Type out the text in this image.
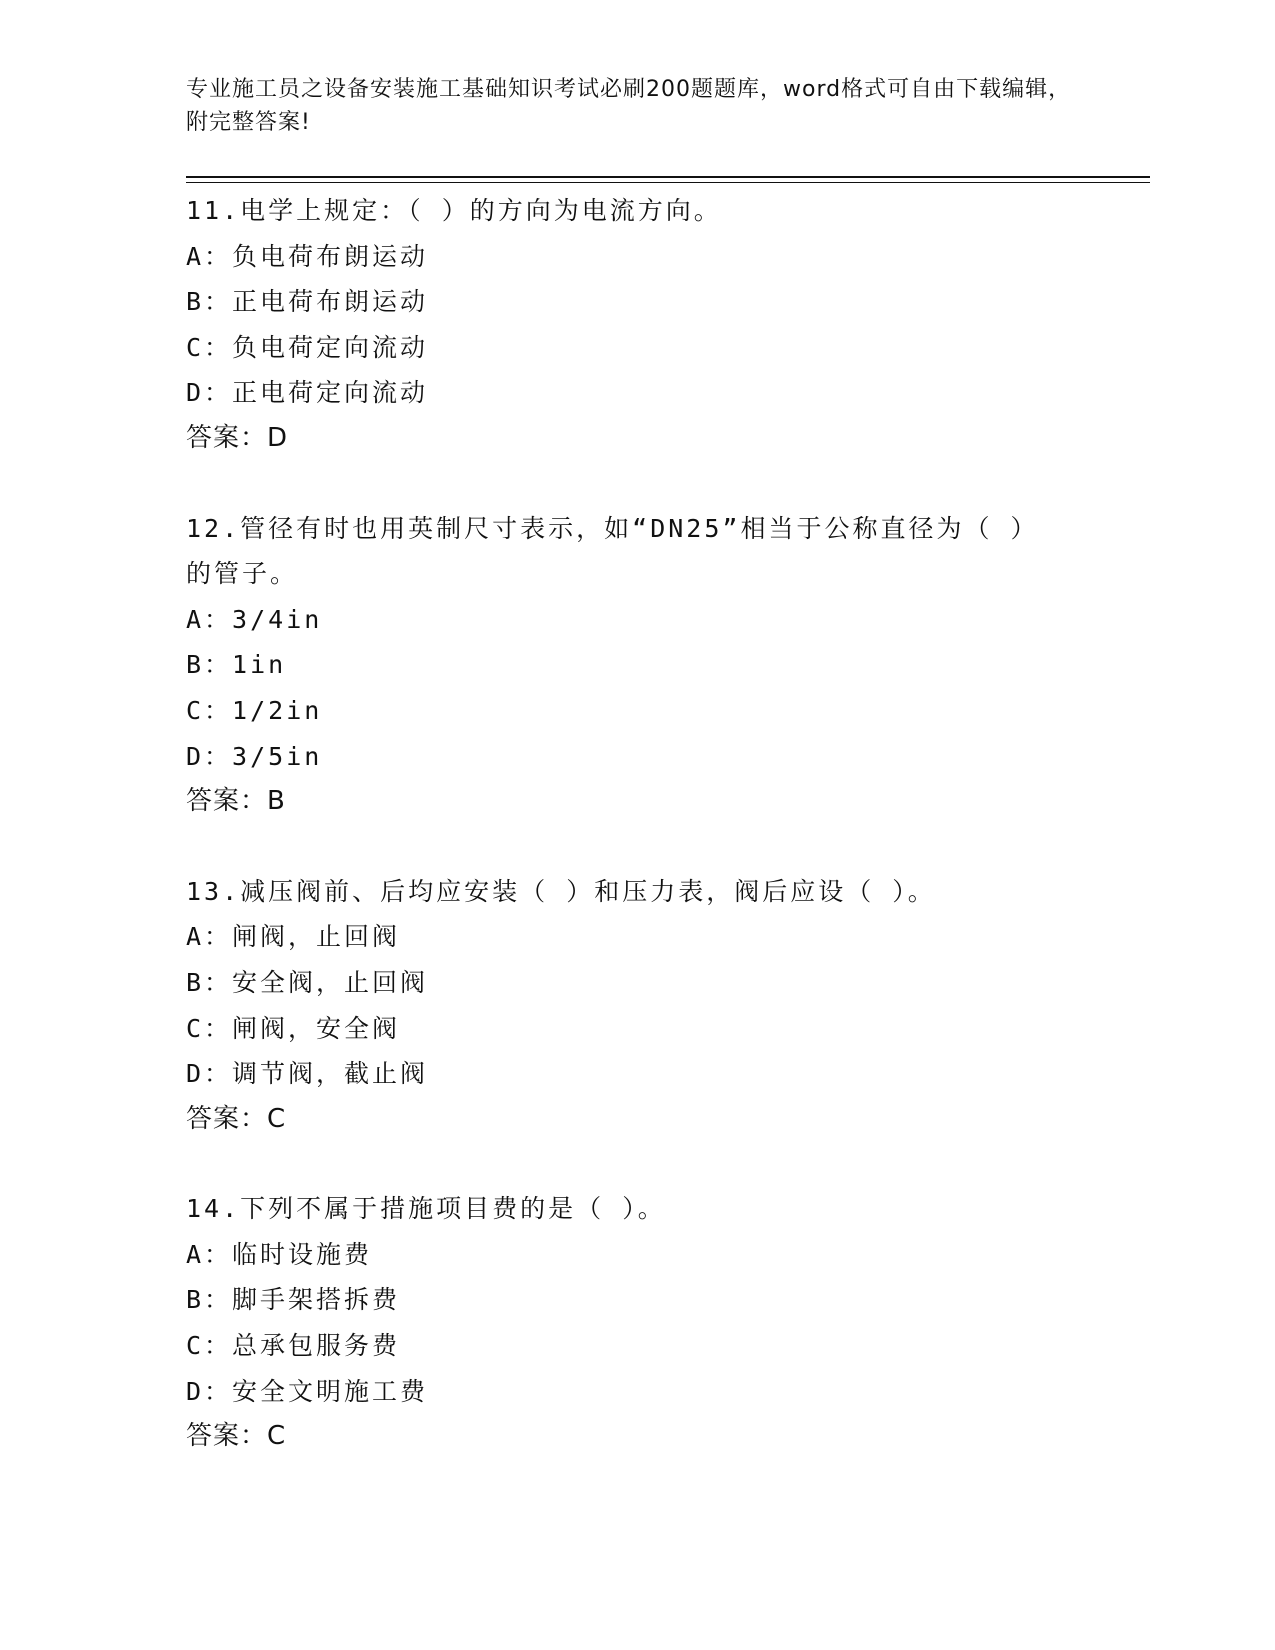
专业施工员之设备安装施工基础知识考试必刷200题题库，word格式可自由下载编辑，附完整答案!
11.电学上规定：（ ）的方向为电流方向。
A：负电荷布朗运动
B：正电荷布朗运动
C：负电荷定向流动
D：正电荷定向流动
答案：D
12.管径有时也用英制尺寸表示，如“DN25”相当于公称直径为（ ）的管子。
A：3/4in
B：1in
C：1/2in
D：3/5in
答案：B
13.减压阀前、后均应安装（ ）和压力表，阀后应设（ ）。
A：闸阀，止回阀
B：安全阀，止回阀
C：闸阀，安全阀
D：调节阀，截止阀
答案：C
14.下列不属于措施项目费的是（ ）。
A：临时设施费
B：脚手架搭拆费
C：总承包服务费
D：安全文明施工费
答案：C
